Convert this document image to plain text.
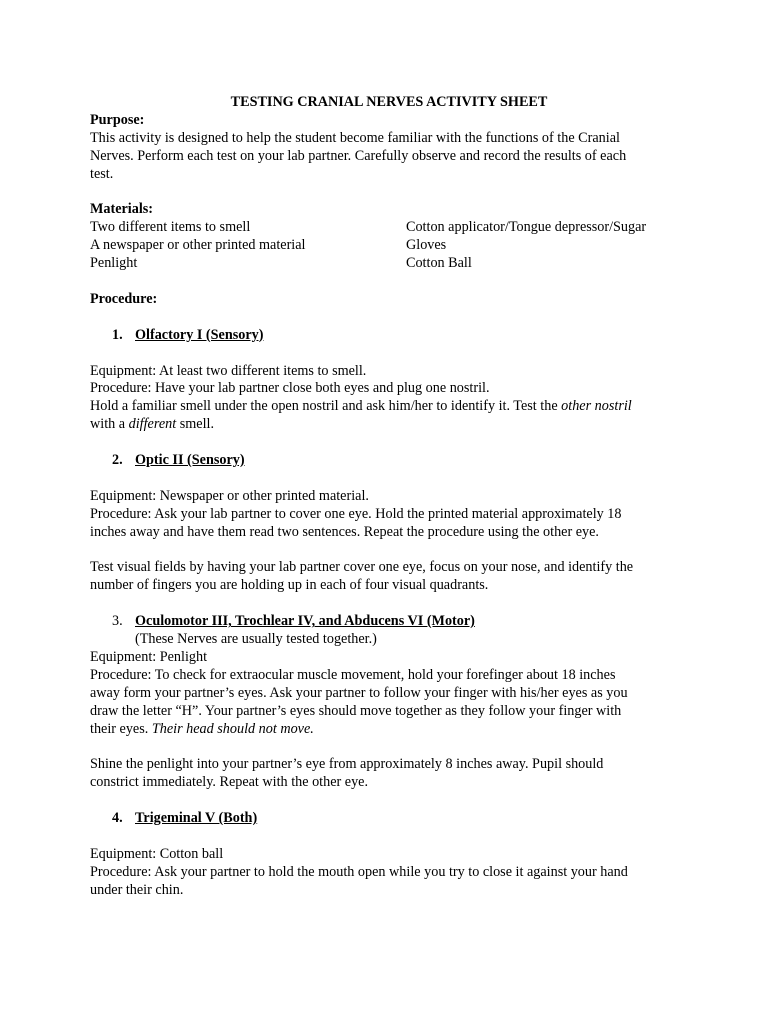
TESTING CRANIAL NERVES ACTIVITY SHEET

Purpose:

This activity is designed to help the student become familiar with the functions of the Cranial

Nerves. Perform each test on your lab partner. Carefully observe and record the results of each

test.

Materials:

Two different items to smell	Cotton applicator/Tongue depressor/Sugar
A newspaper or other printed material	Gloves
Penlight	Cotton Ball

Procedure:

1. Olfactory I (Sensory)

Equipment: At least two different items to smell.

Procedure: Have your lab partner close both eyes and plug one nostril.

Hold a familiar smell under the open nostril and ask him/her to identify it. Test the other nostril

with a different smell.

2. Optic II (Sensory)

Equipment: Newspaper or other printed material.

Procedure: Ask your lab partner to cover one eye. Hold the printed material approximately 18

inches away and have them read two sentences. Repeat the procedure using the other eye.

Test visual fields by having your lab partner cover one eye, focus on your nose, and identify the

number of fingers you are holding up in each of four visual quadrants.

3. Oculomotor III, Trochlear IV, and Abducens VI (Motor)

(These Nerves are usually tested together.)

Equipment: Penlight

Procedure: To check for extraocular muscle movement, hold your forefinger about 18 inches

away form your partner’s eyes. Ask your partner to follow your finger with his/her eyes as you

draw the letter “H”. Your partner’s eyes should move together as they follow your finger with

their eyes. Their head should not move.

Shine the penlight into your partner’s eye from approximately 8 inches away. Pupil should

constrict immediately. Repeat with the other eye.

4. Trigeminal V (Both)

Equipment: Cotton ball

Procedure: Ask your partner to hold the mouth open while you try to close it against your hand

under their chin.
